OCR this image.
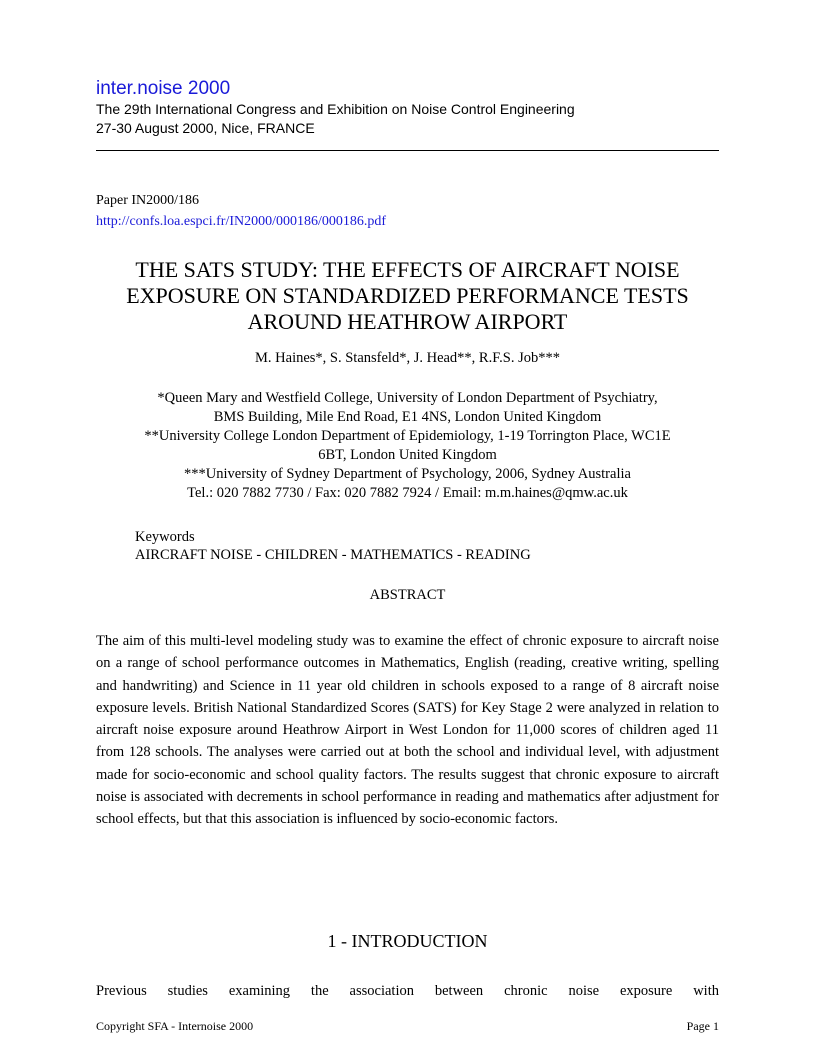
inter.noise 2000
The 29th International Congress and Exhibition on Noise Control Engineering
27-30 August 2000, Nice, FRANCE
Paper IN2000/186
http://confs.loa.espci.fr/IN2000/000186/000186.pdf
THE SATS STUDY: THE EFFECTS OF AIRCRAFT NOISE
EXPOSURE ON STANDARDIZED PERFORMANCE TESTS
AROUND HEATHROW AIRPORT
M. Haines*, S. Stansfeld*, J. Head**, R.F.S. Job***
*Queen Mary and Westfield College, University of London Department of Psychiatry,
BMS Building, Mile End Road, E1 4NS, London United Kingdom
**University College London Department of Epidemiology, 1-19 Torrington Place, WC1E
6BT, London United Kingdom
***University of Sydney Department of Psychology, 2006, Sydney Australia
Tel.: 020 7882 7730 / Fax: 020 7882 7924 / Email: m.m.haines@qmw.ac.uk
Keywords
AIRCRAFT NOISE - CHILDREN - MATHEMATICS - READING
ABSTRACT
The aim of this multi-level modeling study was to examine the effect of chronic exposure to aircraft noise on a range of school performance outcomes in Mathematics, English (reading, creative writing, spelling and handwriting) and Science in 11 year old children in schools exposed to a range of 8 aircraft noise exposure levels. British National Standardized Scores (SATS) for Key Stage 2 were analyzed in relation to aircraft noise exposure around Heathrow Airport in West London for 11,000 scores of children aged 11 from 128 schools. The analyses were carried out at both the school and individual level, with adjustment made for socio-economic and school quality factors. The results suggest that chronic exposure to aircraft noise is associated with decrements in school performance in reading and mathematics after adjustment for school effects, but that this association is influenced by socio-economic factors.
1 - INTRODUCTION
Previous studies examining the association between chronic noise exposure with
Copyright SFA - Internoise 2000	Page 1
